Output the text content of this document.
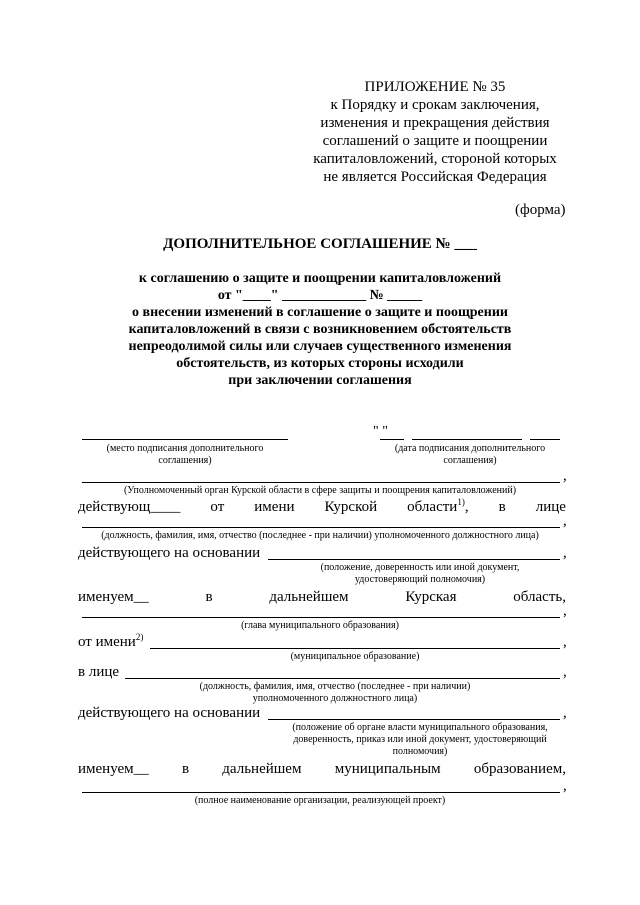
ПРИЛОЖЕНИЕ № 35
к Порядку и срокам заключения,
изменения и прекращения действия
соглашений о защите и поощрении
капиталовложений, стороной которых
не является Российская Федерация
(форма)
ДОПОЛНИТЕЛЬНОЕ СОГЛАШЕНИЕ № ___
к соглашению о защите и поощрении капиталовложений
от "____" ____________ № _____
о внесении изменений в соглашение о защите и поощрении
капиталовложений в связи с возникновением обстоятельств
непреодолимой силы или случаев существенного изменения
обстоятельств, из которых стороны исходили
при заключении соглашения
(место подписания дополнительного
соглашения)
" "
(дата подписания дополнительного
соглашения)
,
(Уполномоченный орган Курской области в сфере защиты и поощрения капиталовложений)
действующ____ от имени Курской области$^{1)}$, в лице
,
(должность, фамилия, имя, отчество (последнее - при наличии) уполномоченного должностного лица)
действующего на основании	,
(положение, доверенность или иной документ,
удостоверяющий полномочия)
именуем__	в	дальнейшем	Курская	область,
,
(глава муниципального образования)
от имени$^{2)}$	,
(муниципальное образование)
в лице	,
(должность, фамилия, имя, отчество (последнее - при наличии)
уполномоченного должностного лица)
действующего на основании	,
(положение об органе власти муниципального образования,
доверенность, приказ или иной документ, удостоверяющий
полномочия)
именуем__ в дальнейшем муниципальным образованием,
,
(полное наименование организации, реализующей проект)
